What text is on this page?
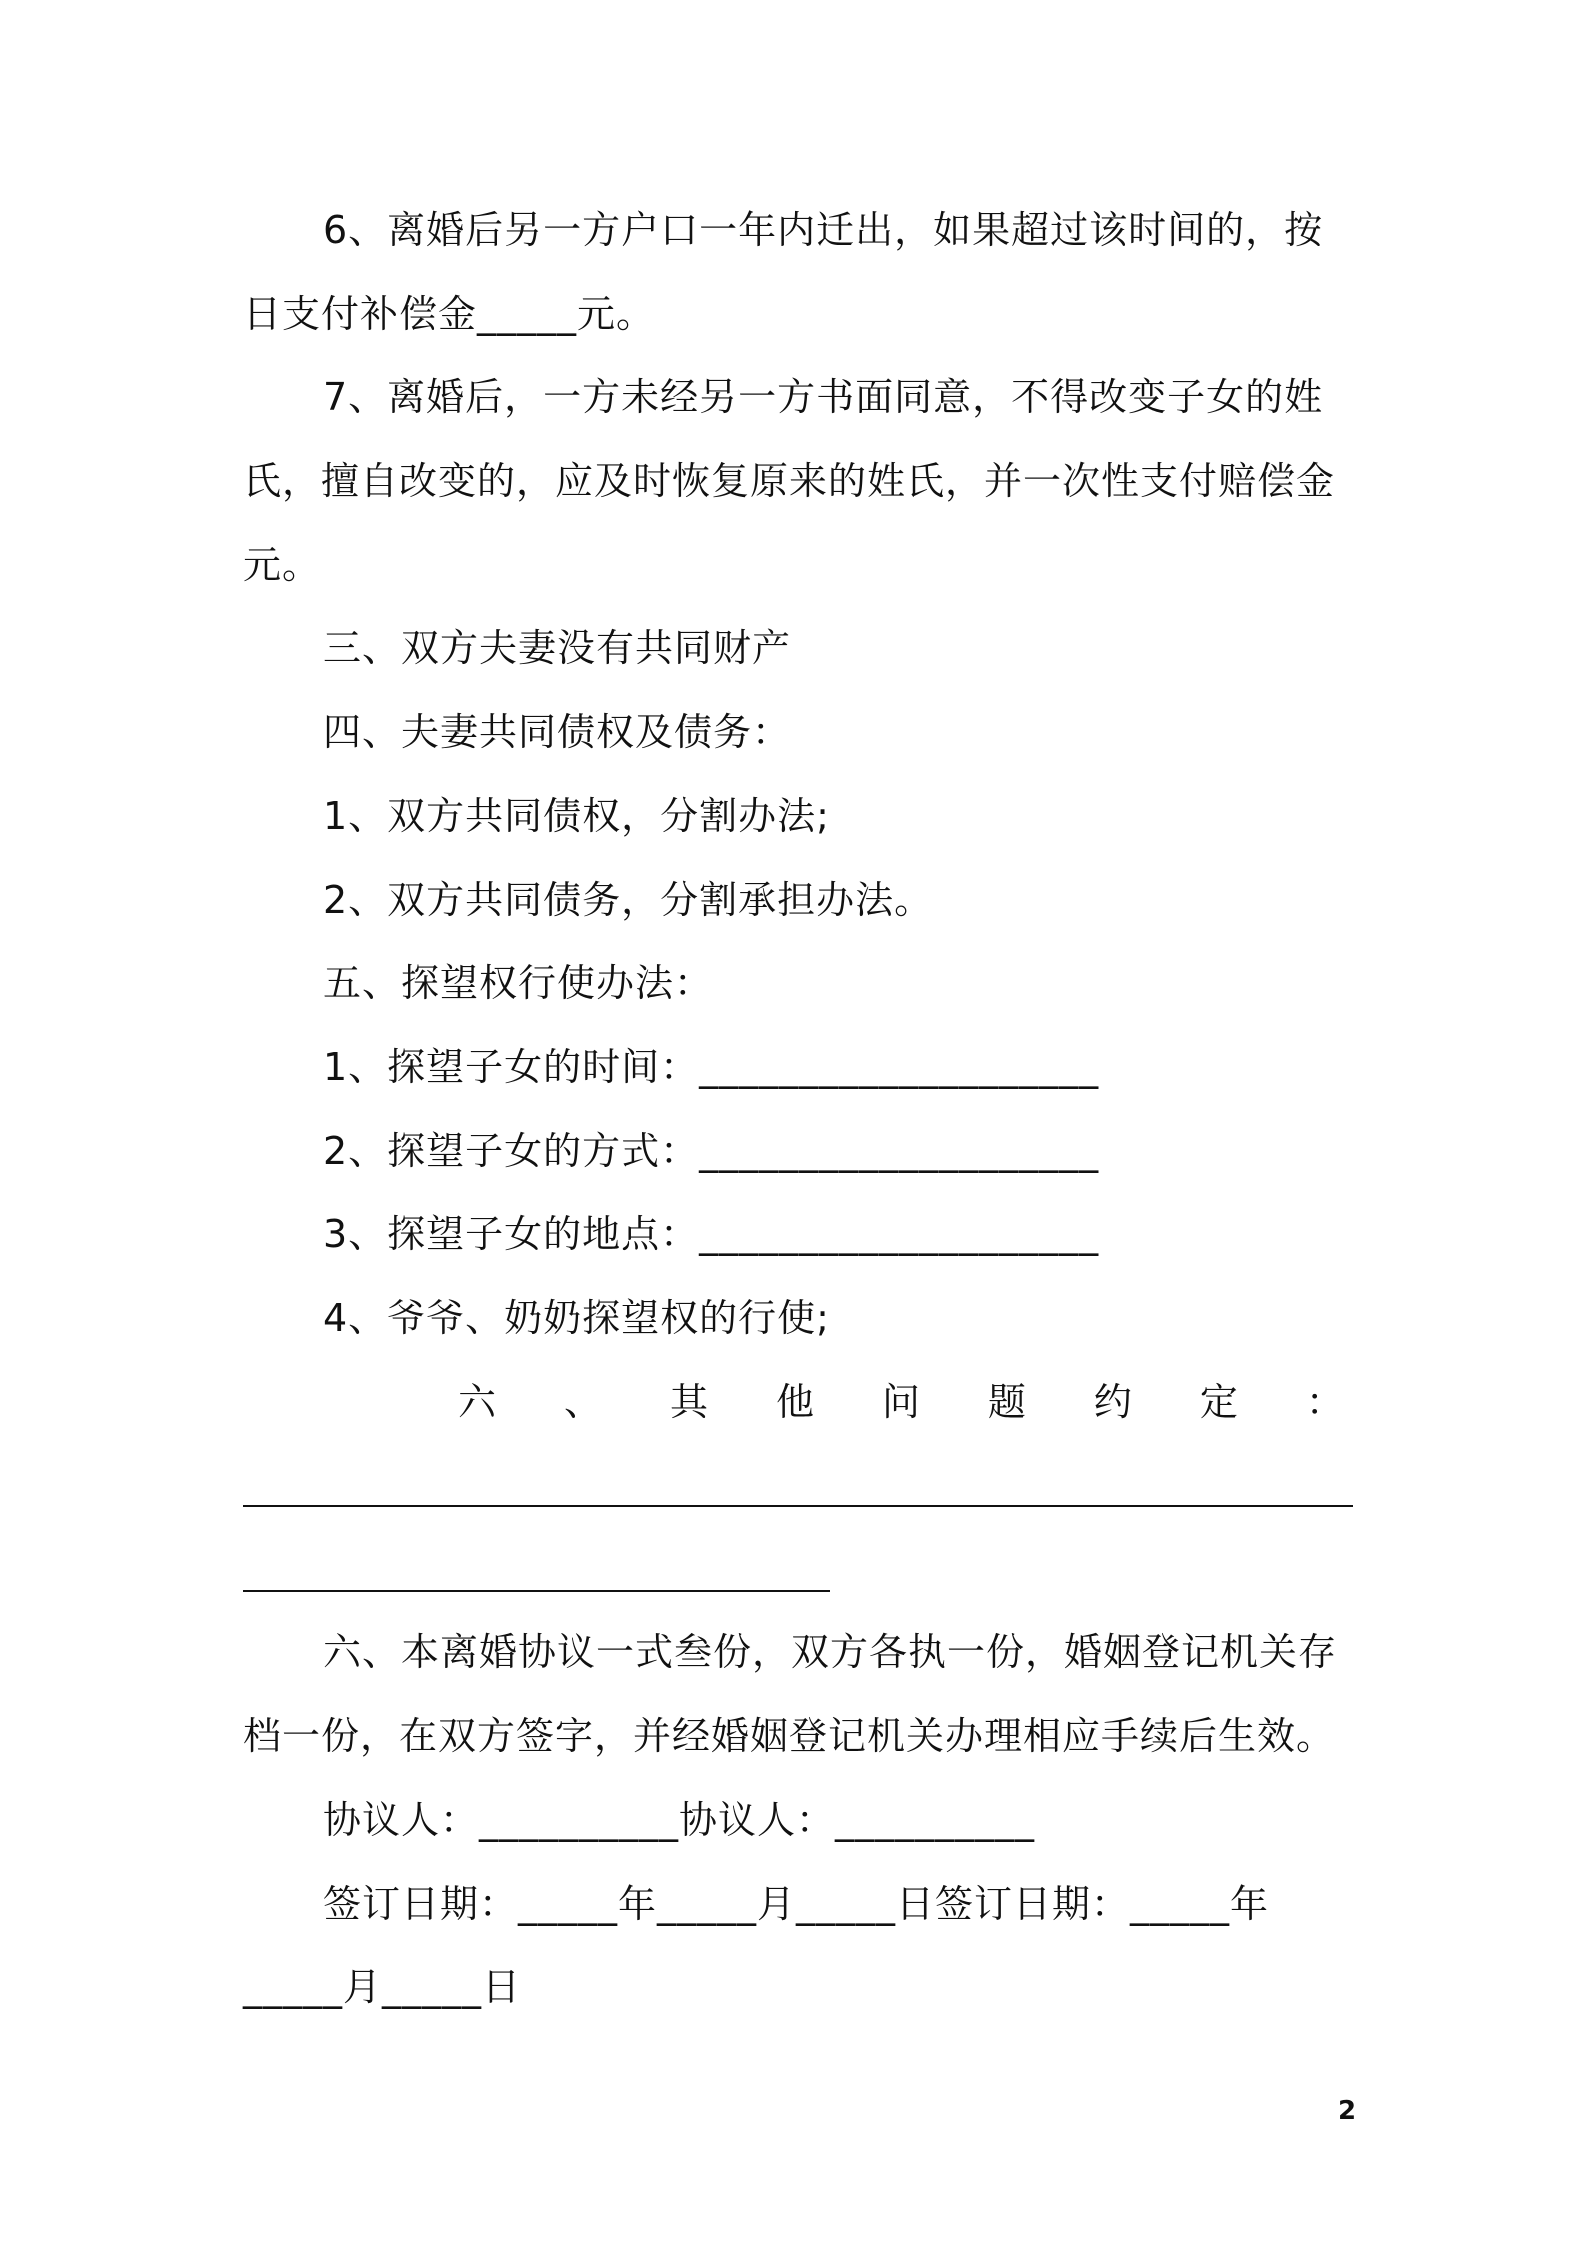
6、离婚后另一方户口一年内迁出，如果超过该时间的，按
日支付补偿金_____元。
7、离婚后，一方未经另一方书面同意，不得改变子女的姓
氏，擅自改变的，应及时恢复原来的姓氏，并一次性支付赔偿金
元。
三、双方夫妻没有共同财产
四、夫妻共同债权及债务：
1、双方共同债权，分割办法;
2、双方共同债务，分割承担办法。
五、探望权行使办法：
1、探望子女的时间：____________________
2、探望子女的方式：____________________
3、探望子女的地点：____________________
4、爷爷、奶奶探望权的行使;
六 、 其 他 问 题 约 定 ：
六、本离婚协议一式叁份，双方各执一份，婚姻登记机关存
档一份，在双方签字，并经婚姻登记机关办理相应手续后生效。
协议人：__________协议人：__________
签订日期：_____年_____月_____日签订日期：_____年
_____月_____日
2
